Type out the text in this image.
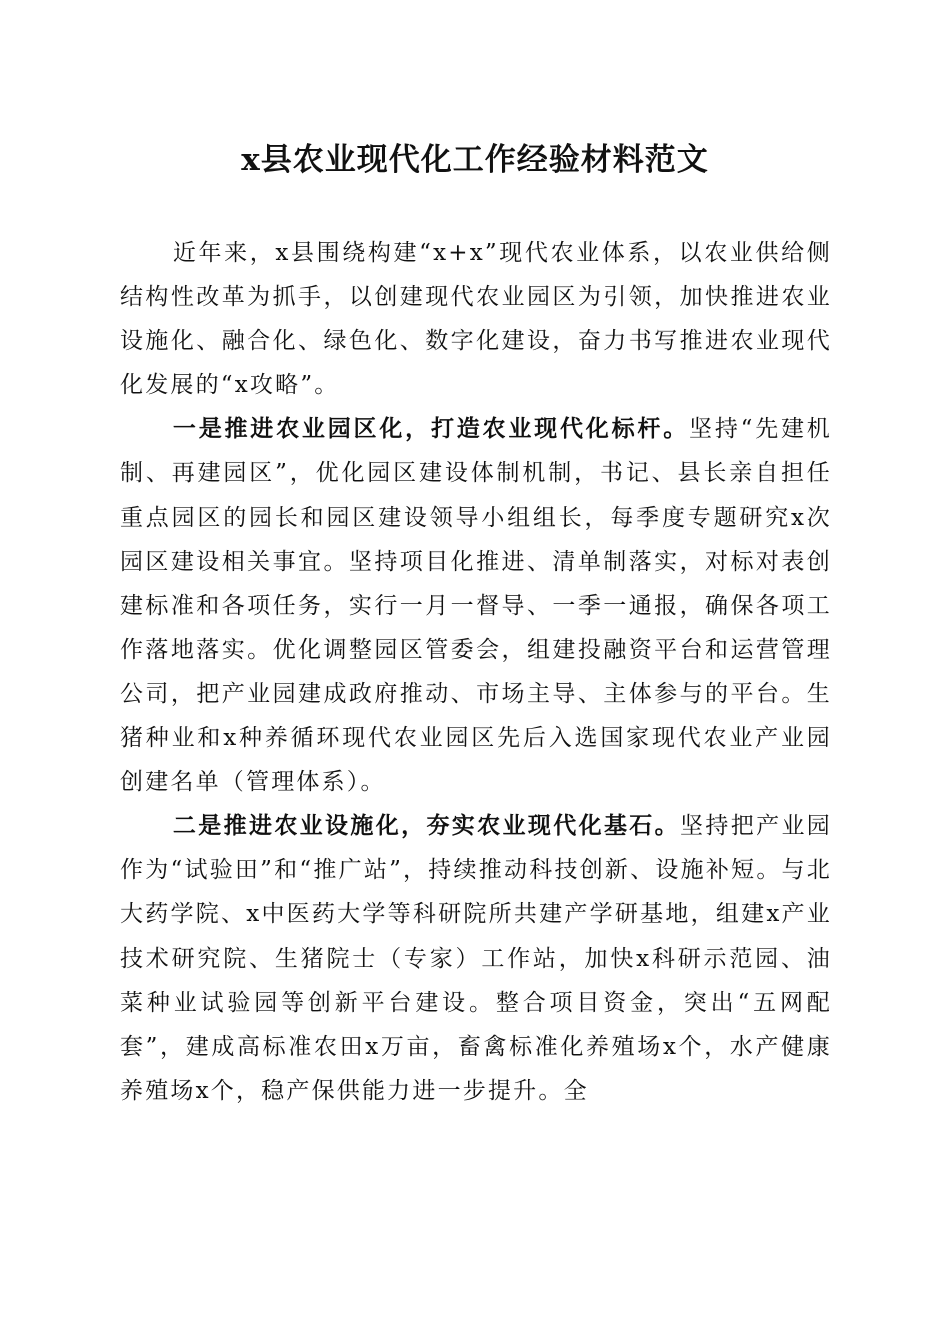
x县农业现代化工作经验材料范文

近年来，x县围绕构建“x+x”现代农业体系，以农业供给侧结构性改革为抓手，以创建现代农业园区为引领，加快推进农业设施化、融合化、绿色化、数字化建设，奋力书写推进农业现代化发展的“x攻略”。

一是推进农业园区化，打造农业现代化标杆。坚持“先建机制、再建园区”，优化园区建设体制机制，书记、县长亲自担任重点园区的园长和园区建设领导小组组长，每季度专题研究x次园区建设相关事宜。坚持项目化推进、清单制落实，对标对表创建标准和各项任务，实行一月一督导、一季一通报，确保各项工作落地落实。优化调整园区管委会，组建投融资平台和运营管理公司，把产业园建成政府推动、市场主导、主体参与的平台。生猪种业和x种养循环现代农业园区先后入选国家现代农业产业园创建名单（管理体系）。

二是推进农业设施化，夯实农业现代化基石。坚持把产业园作为“试验田”和“推广站”，持续推动科技创新、设施补短。与北大药学院、x中医药大学等科研院所共建产学研基地，组建x产业技术研究院、生猪院士（专家）工作站，加快x科研示范园、油菜种业试验园等创新平台建设。整合项目资金，突出“五网配套”，建成高标准农田x万亩，畜禽标准化养殖场x个，水产健康养殖场x个，稳产保供能力进一步提升。全
